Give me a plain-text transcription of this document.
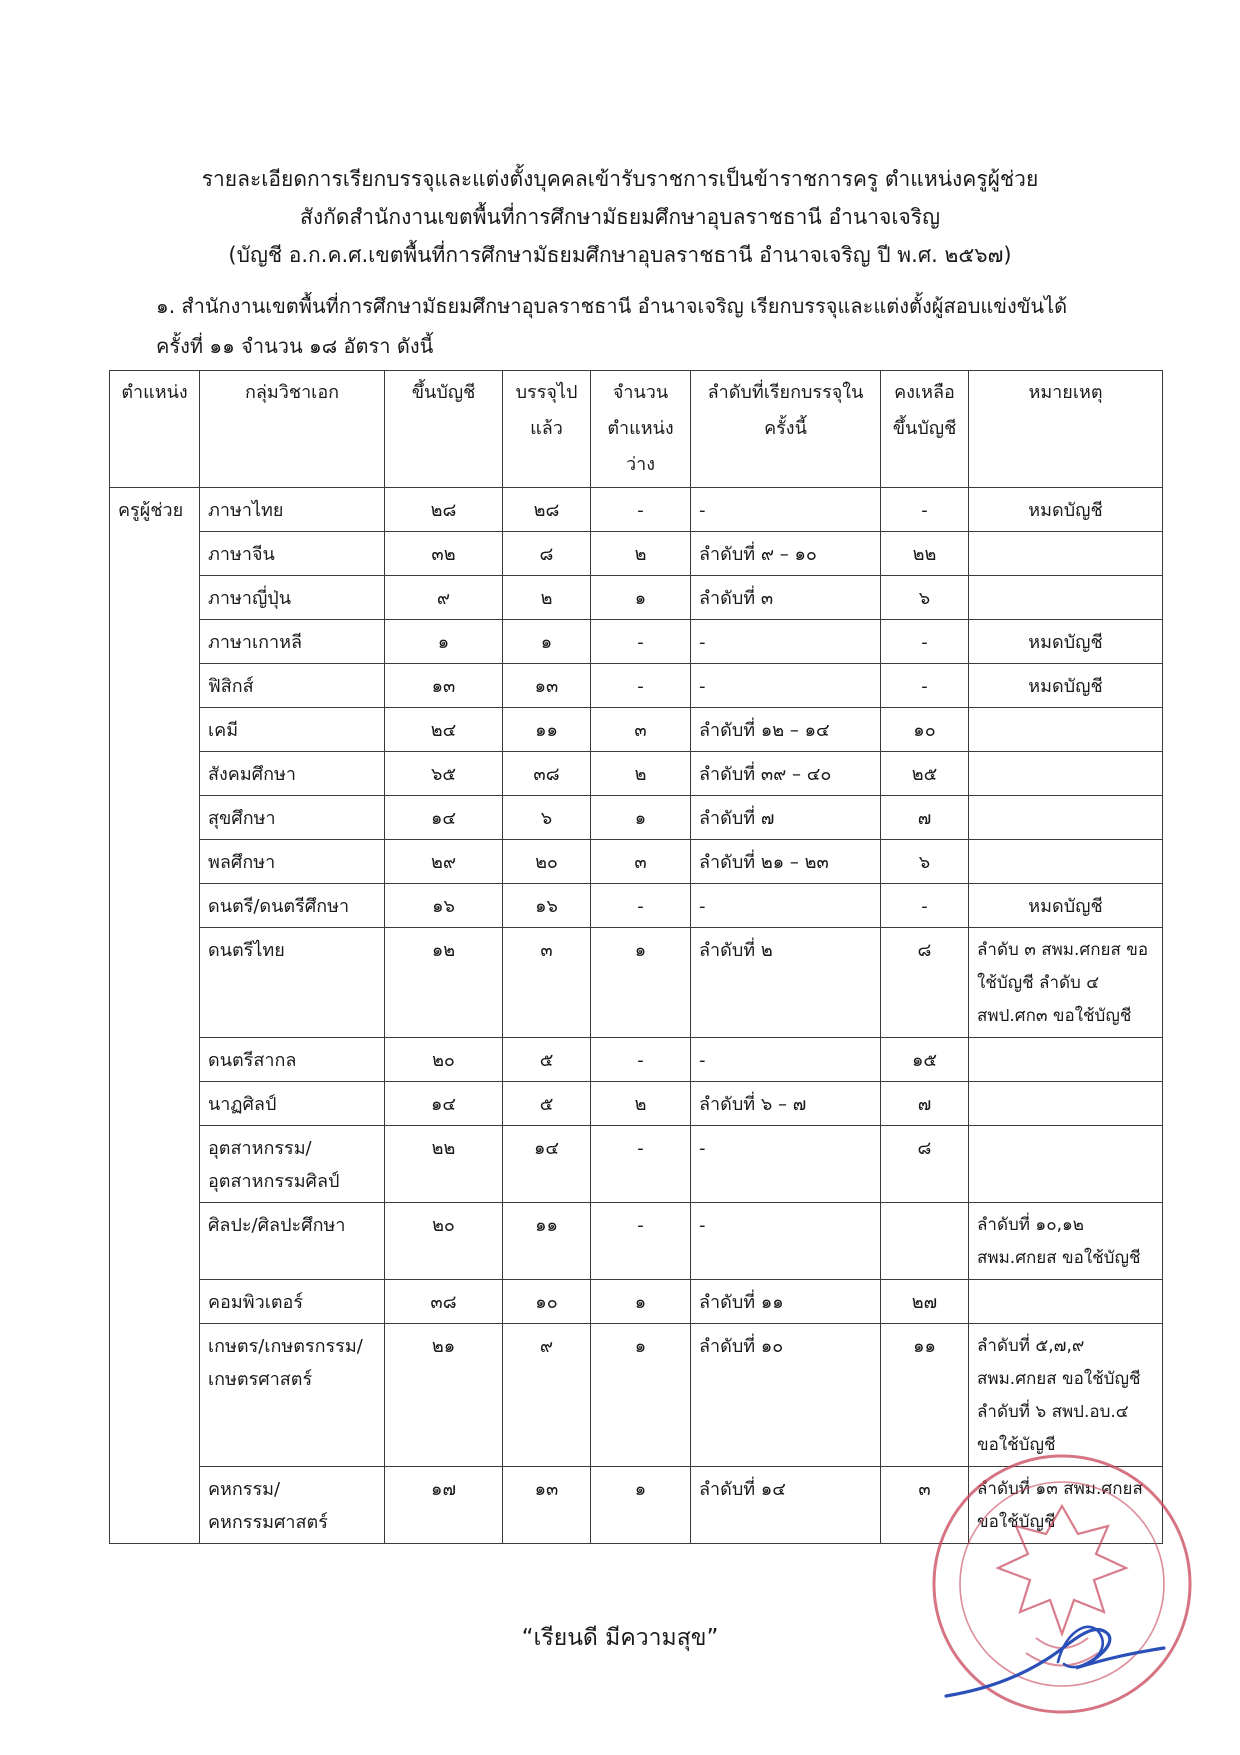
รายละเอียดการเรียกบรรจุและแต่งตั้งบุคคลเข้ารับราชการเป็นข้าราชการครู ตำแหน่งครูผู้ช่วย
สังกัดสำนักงานเขตพื้นที่การศึกษามัธยมศึกษาอุบลราชธานี อำนาจเจริญ
(บัญชี อ.ก.ค.ศ.เขตพื้นที่การศึกษามัธยมศึกษาอุบลราชธานี อำนาจเจริญ ปี พ.ศ. ๒๕๖๗)
๑. สำนักงานเขตพื้นที่การศึกษามัธยมศึกษาอุบลราชธานี อำนาจเจริญ เรียกบรรจุและแต่งตั้งผู้สอบแข่งขันได้
ครั้งที่ ๑๑ จำนวน ๑๘ อัตรา ดังนี้
ตำแหน่ง	กลุ่มวิชาเอก	ขึ้นบัญชี	บรรจุไปแล้ว	จำนวนตำแหน่งว่าง	ลำดับที่เรียกบรรจุในครั้งนี้	คงเหลือขึ้นบัญชี	หมายเหตุ
ครูผู้ช่วย	ภาษาไทย	๒๘	๒๘	-	-	-	หมดบัญชี
	ภาษาจีน	๓๒	๘	๒	ลำดับที่ ๙ – ๑๐	๒๒	
	ภาษาญี่ปุ่น	๙	๒	๑	ลำดับที่ ๓	๖	
	ภาษาเกาหลี	๑	๑	-	-	-	หมดบัญชี
	ฟิสิกส์	๑๓	๑๓	-	-	-	หมดบัญชี
	เคมี	๒๔	๑๑	๓	ลำดับที่ ๑๒ – ๑๔	๑๐	
	สังคมศึกษา	๖๕	๓๘	๒	ลำดับที่ ๓๙ – ๔๐	๒๕	
	สุขศึกษา	๑๔	๖	๑	ลำดับที่ ๗	๗	
	พลศึกษา	๒๙	๒๐	๓	ลำดับที่ ๒๑ – ๒๓	๖	
	ดนตรี/ดนตรีศึกษา	๑๖	๑๖	-	-	-	หมดบัญชี
	ดนตรีไทย	๑๒	๓	๑	ลำดับที่ ๒	๘	ลำดับ ๓ สพม.ศกยส ขอใช้บัญชี ลำดับ ๔ สพป.ศก๓ ขอใช้บัญชี
	ดนตรีสากล	๒๐	๕	-	-	๑๕	
	นาฏศิลป์	๑๔	๕	๒	ลำดับที่ ๖ – ๗	๗	
	อุตสาหกรรม/อุตสาหกรรมศิลป์	๒๒	๑๔	-	-	๘	
	ศิลปะ/ศิลปะศึกษา	๒๐	๑๑	-	-		ลำดับที่ ๑๐,๑๒ สพม.ศกยส ขอใช้บัญชี
	คอมพิวเตอร์	๓๘	๑๐	๑	ลำดับที่ ๑๑	๒๗	
	เกษตร/เกษตรกรรม/เกษตรศาสตร์	๒๑	๙	๑	ลำดับที่ ๑๐	๑๑	ลำดับที่ ๕,๗,๙ สพม.ศกยส ขอใช้บัญชี ลำดับที่ ๖ สพป.อบ.๔ ขอใช้บัญชี
	คหกรรม/คหกรรมศาสตร์	๑๗	๑๓	๑	ลำดับที่ ๑๔	๓	ลำดับที่ ๑๓ สพม.ศกยส ขอใช้บัญชี
“เรียนดี มีความสุข”
